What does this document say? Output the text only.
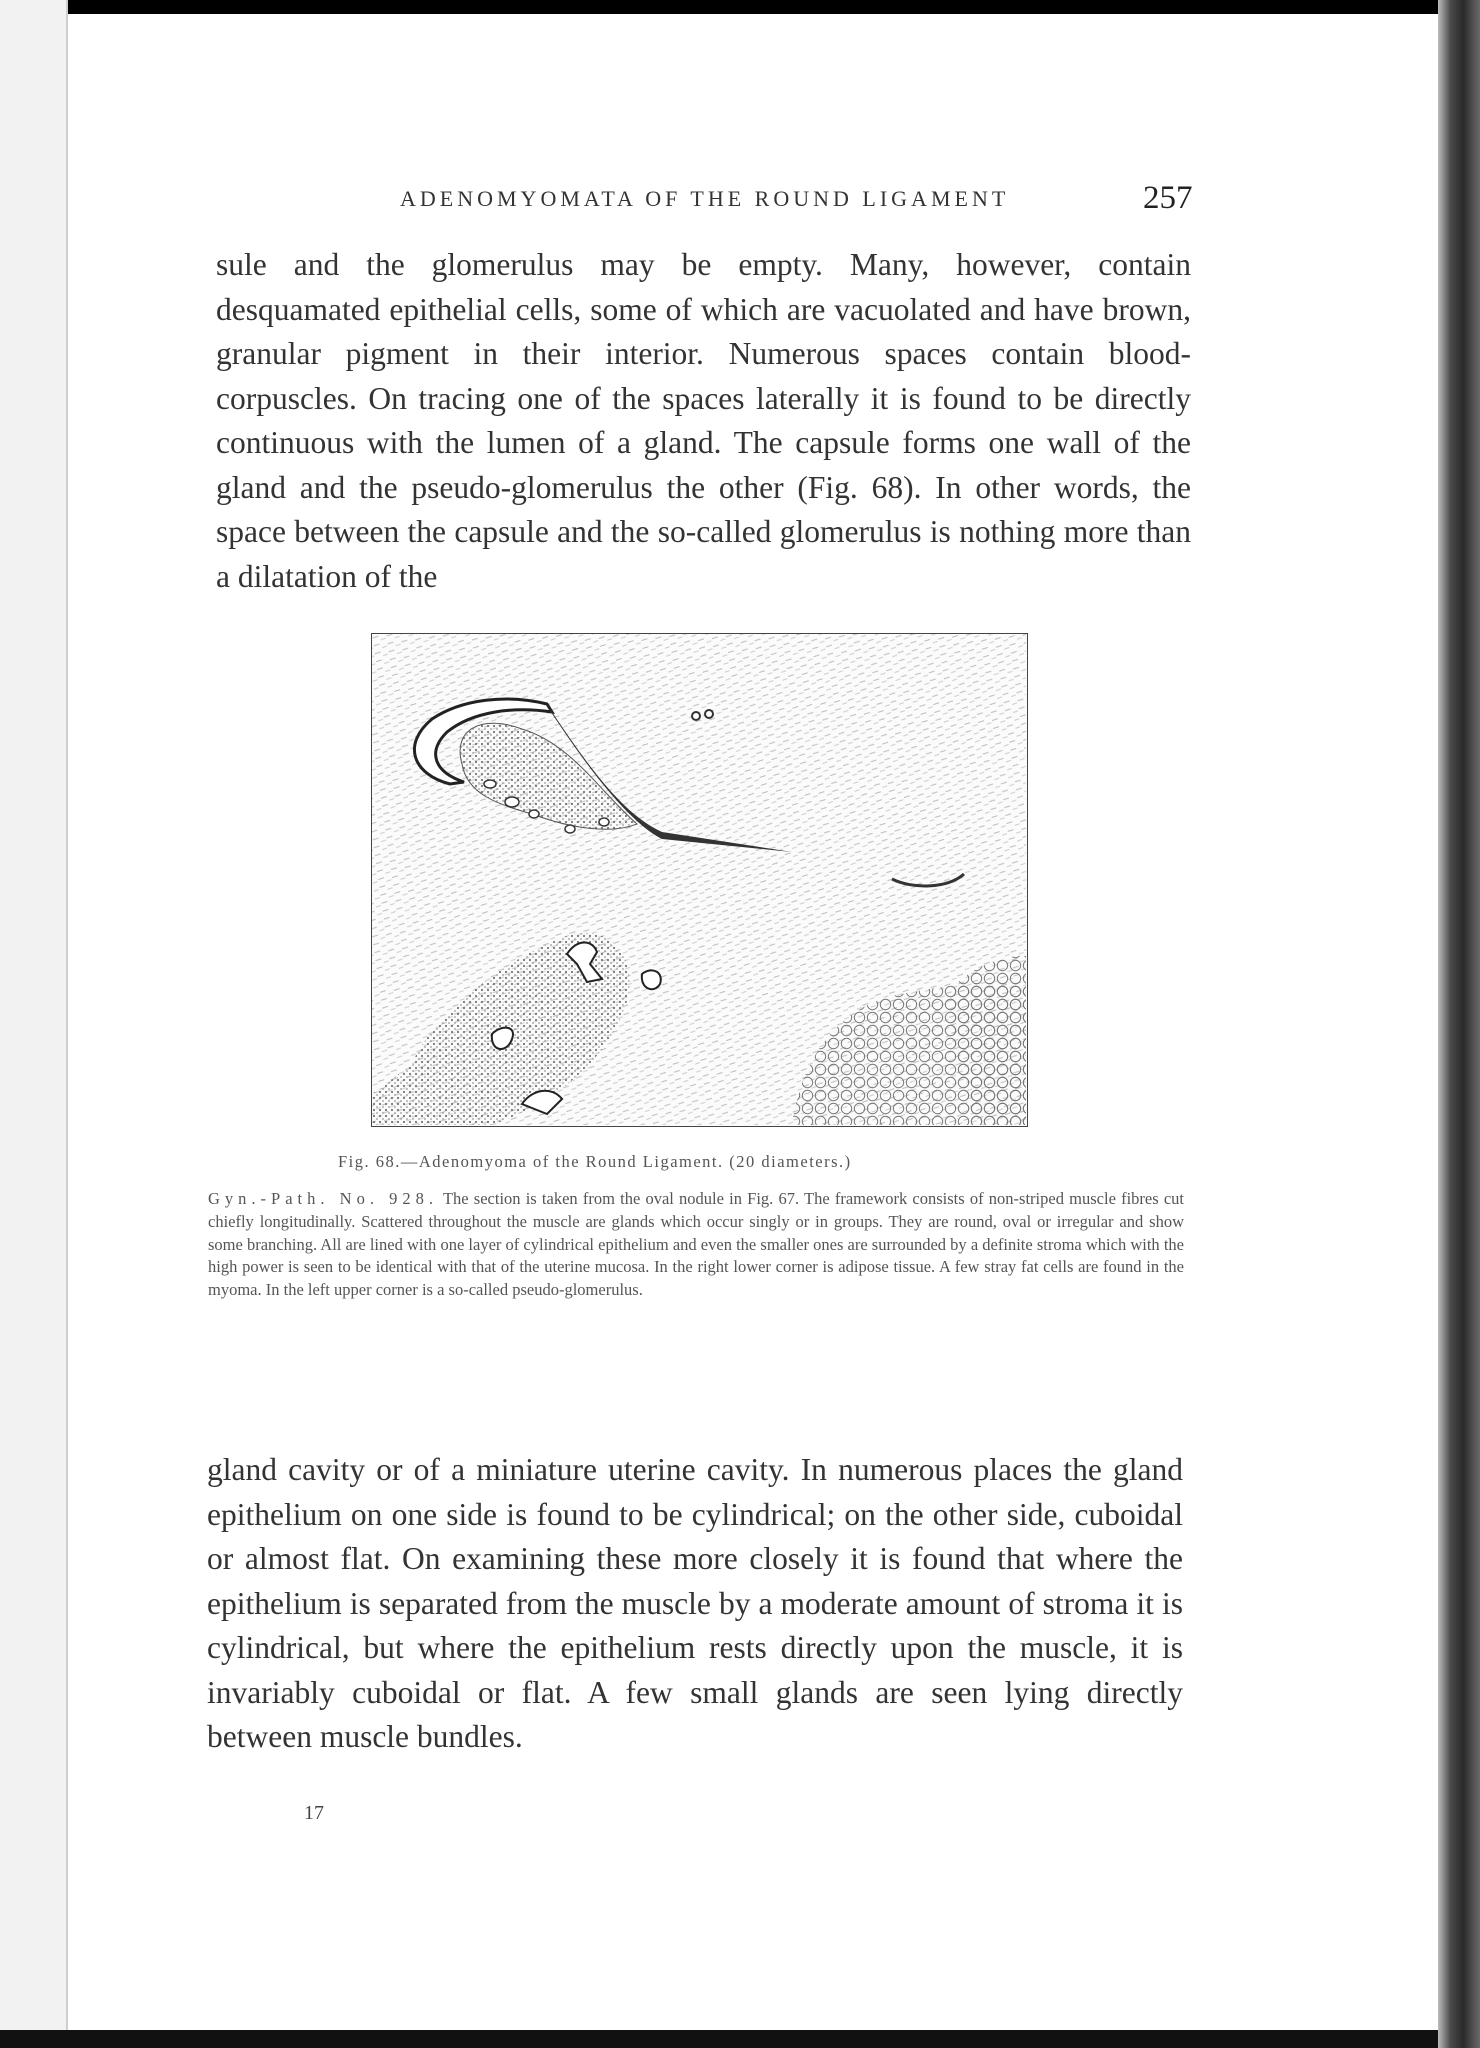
ADENOMYOMATA OF THE ROUND LIGAMENT	257

sule and the glomerulus may be empty. Many, however, contain desquamated epithelial cells, some of which are vacuolated and have brown, granular pigment in their interior. Numerous spaces contain blood-corpuscles. On tracing one of the spaces laterally it is found to be directly continuous with the lumen of a gland. The capsule forms one wall of the gland and the pseudo-glomerulus the other (Fig. 68). In other words, the space between the capsule and the so-called glomerulus is nothing more than a dilatation of the

Fig. 68.—Adenomyoma of the Round Ligament. (20 diameters.)

Gyn.-Path. No. 928. The section is taken from the oval nodule in Fig. 67. The framework consists of non-striped muscle fibres cut chiefly longitudinally. Scattered throughout the muscle are glands which occur singly or in groups. They are round, oval or irregular and show some branching. All are lined with one layer of cylindrical epithelium and even the smaller ones are surrounded by a definite stroma which with the high power is seen to be identical with that of the uterine mucosa. In the right lower corner is adipose tissue. A few stray fat cells are found in the myoma. In the left upper corner is a so-called pseudo-glomerulus.

gland cavity or of a miniature uterine cavity. In numerous places the gland epithelium on one side is found to be cylindrical; on the other side, cuboidal or almost flat. On examining these more closely it is found that where the epithelium is separated from the muscle by a moderate amount of stroma it is cylindrical, but where the epithelium rests directly upon the muscle, it is invariably cuboidal or flat. A few small glands are seen lying directly between muscle bundles.

17
